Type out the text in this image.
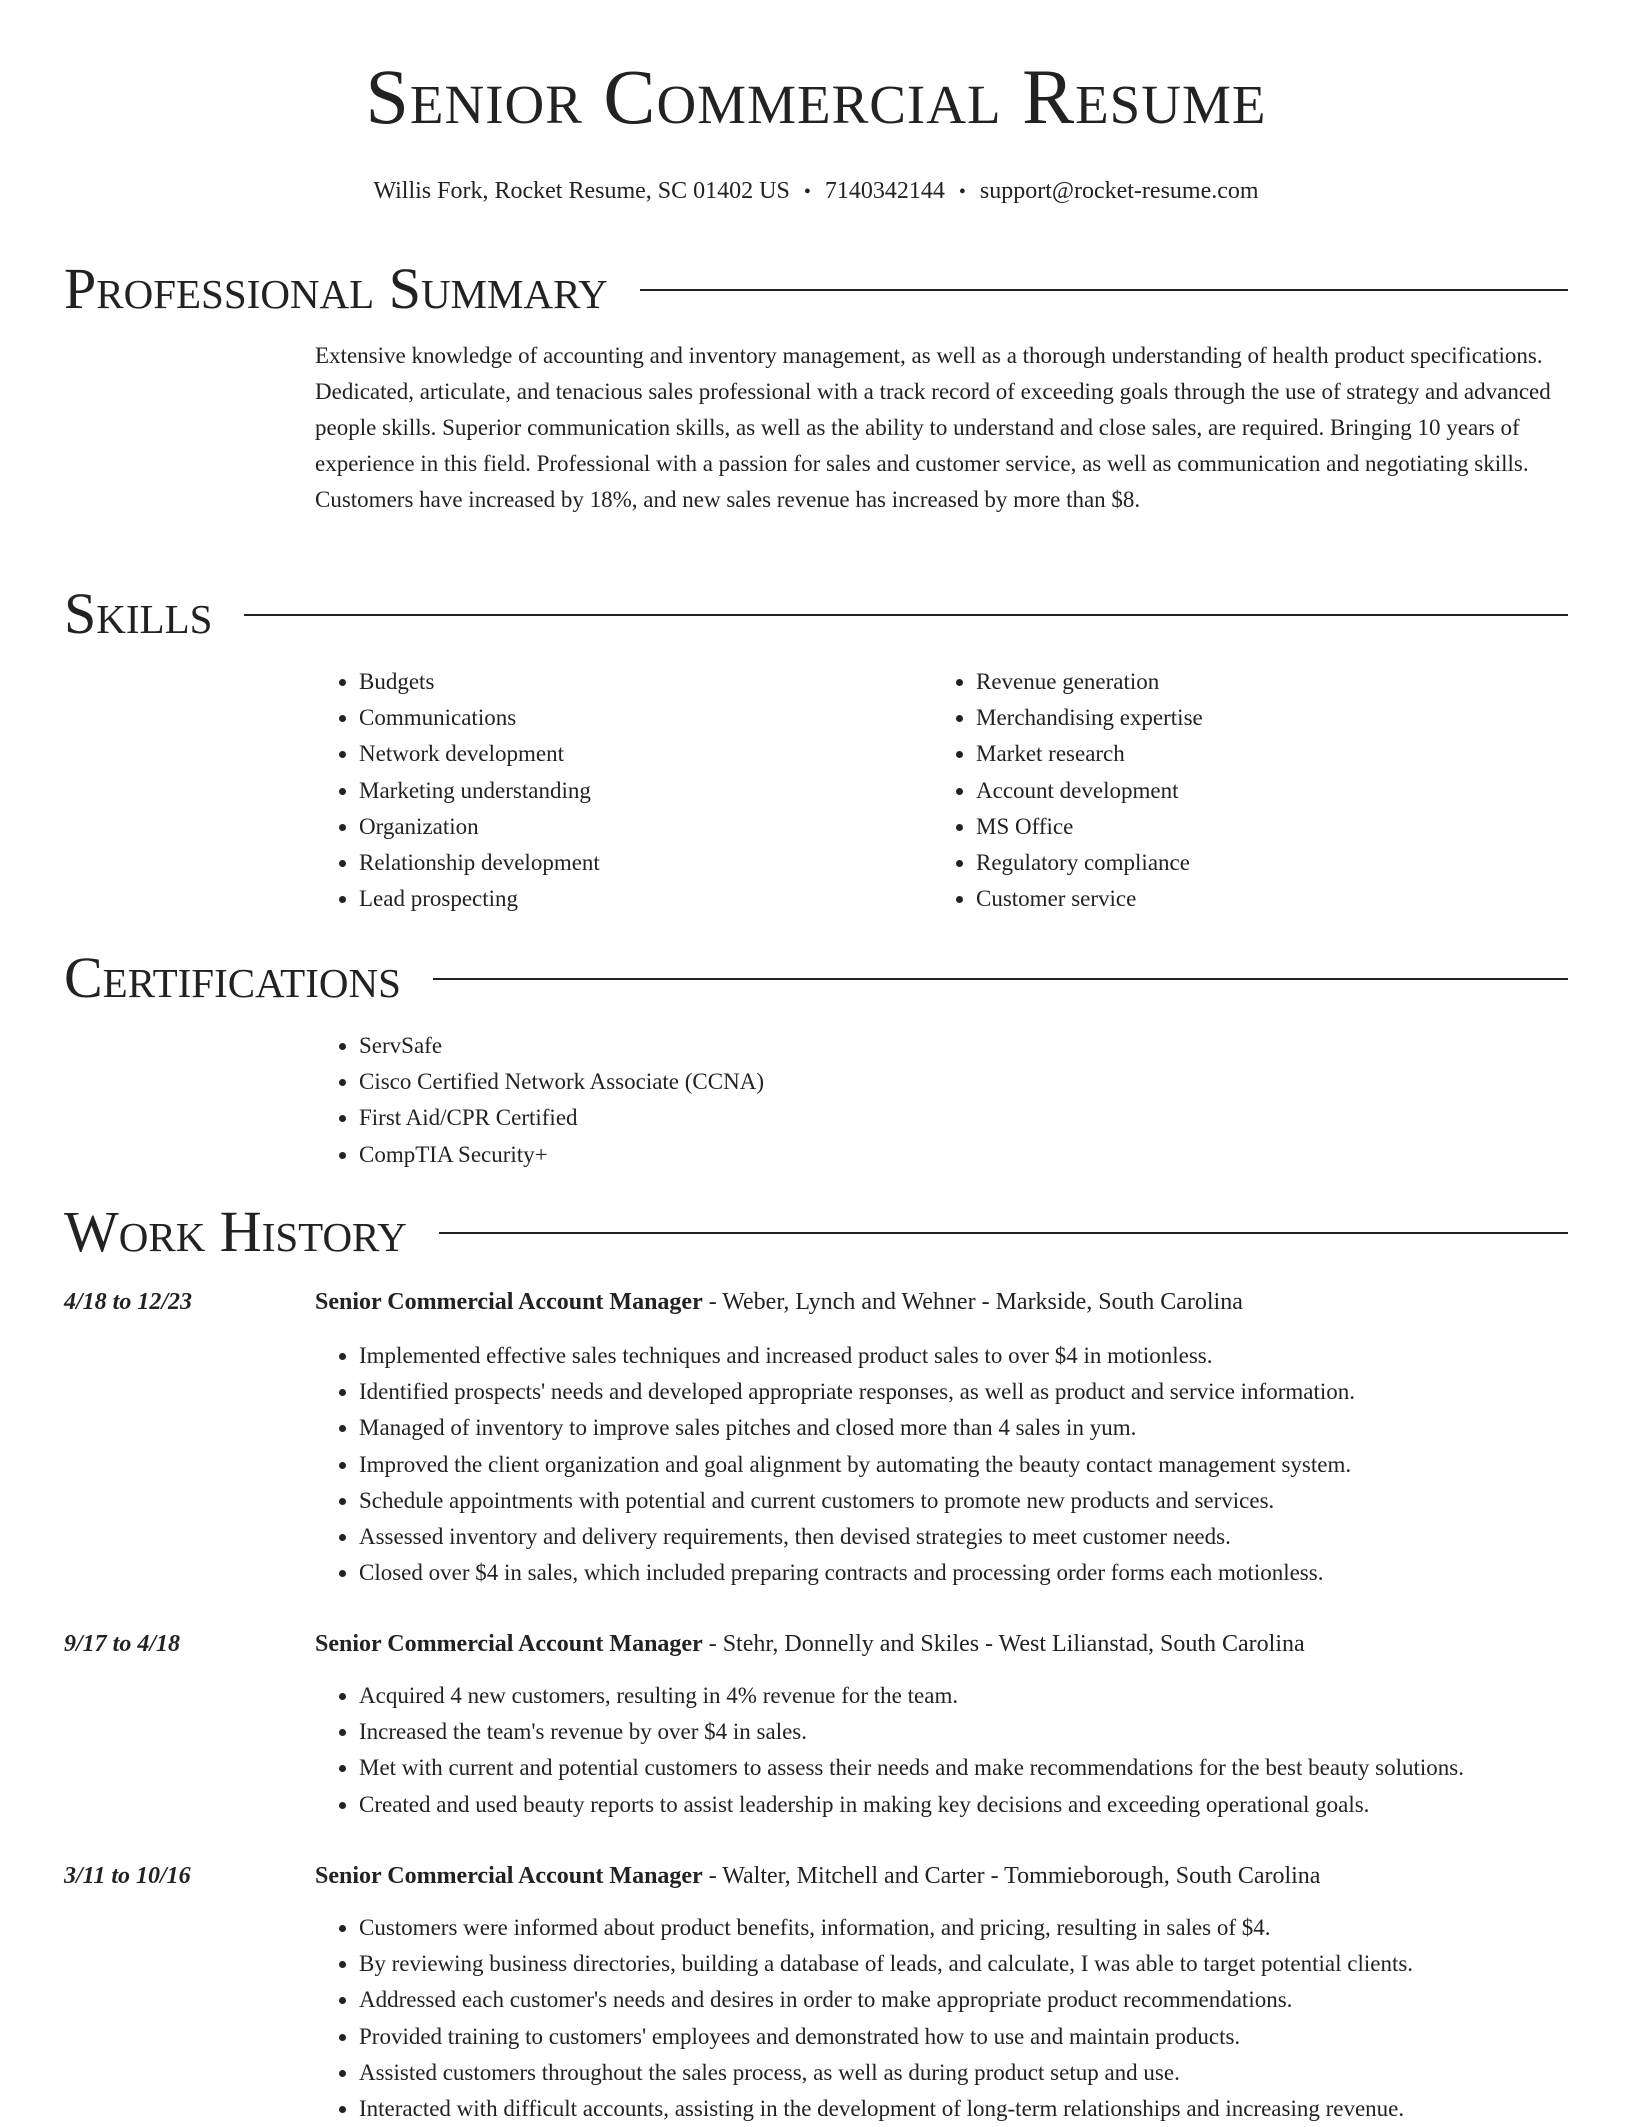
Senior Commercial Resume
Willis Fork, Rocket Resume, SC 01402 US • 7140342144 • support@rocket-resume.com
Professional Summary

Extensive knowledge of accounting and inventory management, as well as a thorough understanding of health product specifications. Dedicated, articulate, and tenacious sales professional with a track record of exceeding goals through the use of strategy and advanced people skills. Superior communication skills, as well as the ability to understand and close sales, are required. Bringing 10 years of experience in this field. Professional with a passion for sales and customer service, as well as communication and negotiating skills. Customers have increased by 18%, and new sales revenue has increased by more than $8.

Skills
• Budgets
• Communications
• Network development
• Marketing understanding
• Organization
• Relationship development
• Lead prospecting
• Revenue generation
• Merchandising expertise
• Market research
• Account development
• MS Office
• Regulatory compliance
• Customer service
Certifications
• ServSafe
• Cisco Certified Network Associate (CCNA)
• First Aid/CPR Certified
• CompTIA Security+
Work History
4/18 to 12/23	Senior Commercial Account Manager - Weber, Lynch and Wehner - Markside, South Carolina
• Implemented effective sales techniques and increased product sales to over $4 in motionless.
• Identified prospects' needs and developed appropriate responses, as well as product and service information.
• Managed of inventory to improve sales pitches and closed more than 4 sales in yum.
• Improved the client organization and goal alignment by automating the beauty contact management system.
• Schedule appointments with potential and current customers to promote new products and services.
• Assessed inventory and delivery requirements, then devised strategies to meet customer needs.
• Closed over $4 in sales, which included preparing contracts and processing order forms each motionless.
9/17 to 4/18	Senior Commercial Account Manager - Stehr, Donnelly and Skiles - West Lilianstad, South Carolina
• Acquired 4 new customers, resulting in 4% revenue for the team.
• Increased the team's revenue by over $4 in sales.
• Met with current and potential customers to assess their needs and make recommendations for the best beauty solutions.
• Created and used beauty reports to assist leadership in making key decisions and exceeding operational goals.
3/11 to 10/16	Senior Commercial Account Manager - Walter, Mitchell and Carter - Tommieborough, South Carolina
• Customers were informed about product benefits, information, and pricing, resulting in sales of $4.
• By reviewing business directories, building a database of leads, and calculate, I was able to target potential clients.
• Addressed each customer's needs and desires in order to make appropriate product recommendations.
• Provided training to customers' employees and demonstrated how to use and maintain products.
• Assisted customers throughout the sales process, as well as during product setup and use.
• Interacted with difficult accounts, assisting in the development of long-term relationships and increasing revenue.
